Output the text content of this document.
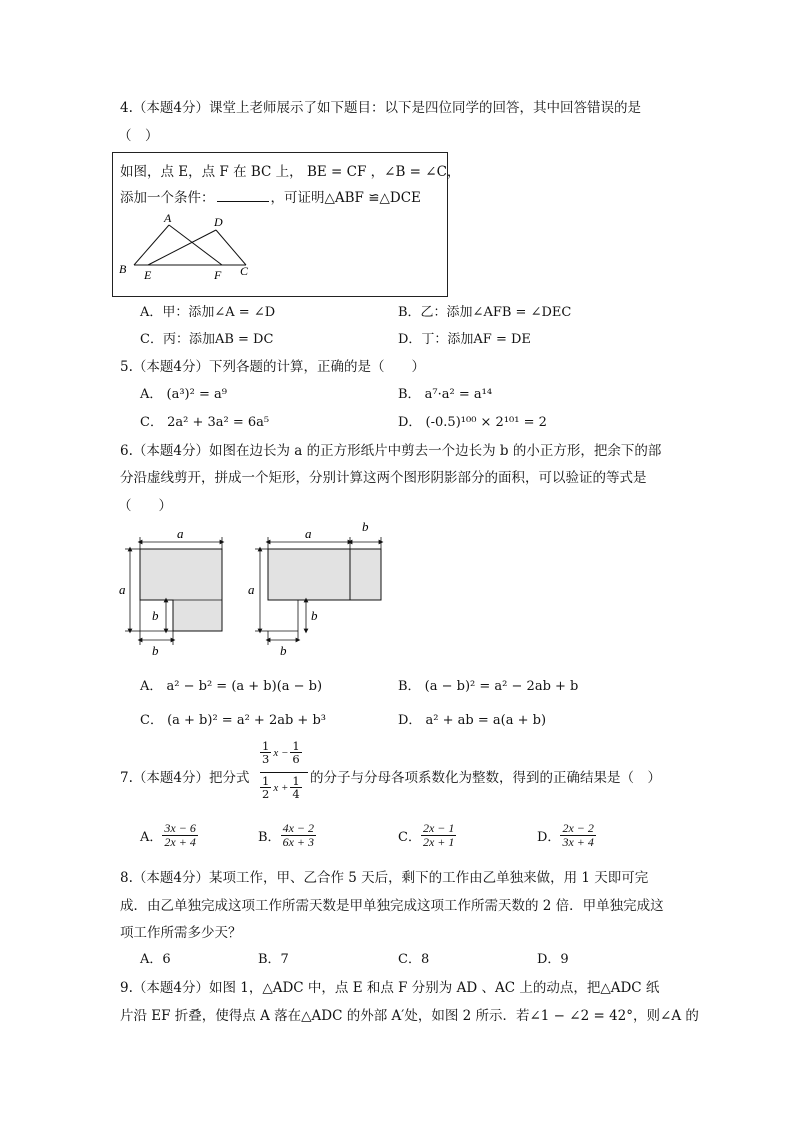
4.（本题4分）课堂上老师展示了如下题目：以下是四位同学的回答，其中回答错误的是
（　）
如图，点 E，点 F 在 BC 上， BE = CF ，∠B = ∠C，
添加一个条件：	，可证明△ABF ≌△DCE
A	D
B E	F C
A．甲：添加∠A = ∠D	B．乙：添加∠AFB = ∠DEC
C．丙：添加AB = DC	D．丁：添加AF = DE
5.（本题4分）下列各题的计算，正确的是（　　）
A． (a³)² = a⁹	B． a⁷·a² = a¹⁴
C． 2a² + 3a² = 6a⁵	D． (-0.5)¹⁰⁰ × 2¹⁰¹ = 2
6.（本题4分）如图在边长为 a 的正方形纸片中剪去一个边长为 b 的小正方形，把余下的部
分沿虚线剪开，拼成一个矩形，分别计算这两个图形阴影部分的面积，可以验证的等式是
（　　）
a
a
b
b
a	b
a
b
b
A． a² − b² = (a + b)(a − b)	B． (a − b)² = a² − 2ab + b
C． (a + b)² = a² + 2ab + b³	D． a² + ab = a(a + b)
7.（本题4分）把分式
$\frac{1}{3}$ $x - \frac{1}{6}$
$\frac{1}{2}$ $x + \frac{1}{4}$ 的分子与分母各项系数化为整数，得到的正确结果是（　）
A． $\frac{3x - 6}{2x + 4}$	B． $\frac{4x - 2}{6x + 3}$	C． $\frac{2x - 1}{2x + 1}$	D． $\frac{2x - 2}{3x + 4}$
8.（本题4分）某项工作，甲、乙合作 5 天后，剩下的工作由乙单独来做，用 1 天即可完
成．由乙单独完成这项工作所需天数是甲单独完成这项工作所需天数的 2 倍．甲单独完成这
项工作所需多少天？
A．6	B．7	C．8	D．9
9.（本题4分）如图 1，△ADC 中，点 E 和点 F 分别为 AD 、AC 上的动点，把△ADC 纸
片沿 EF 折叠，使得点 A 落在△ADC 的外部 A′处，如图 2 所示．若∠1 − ∠2 = 42°，则∠A 的
